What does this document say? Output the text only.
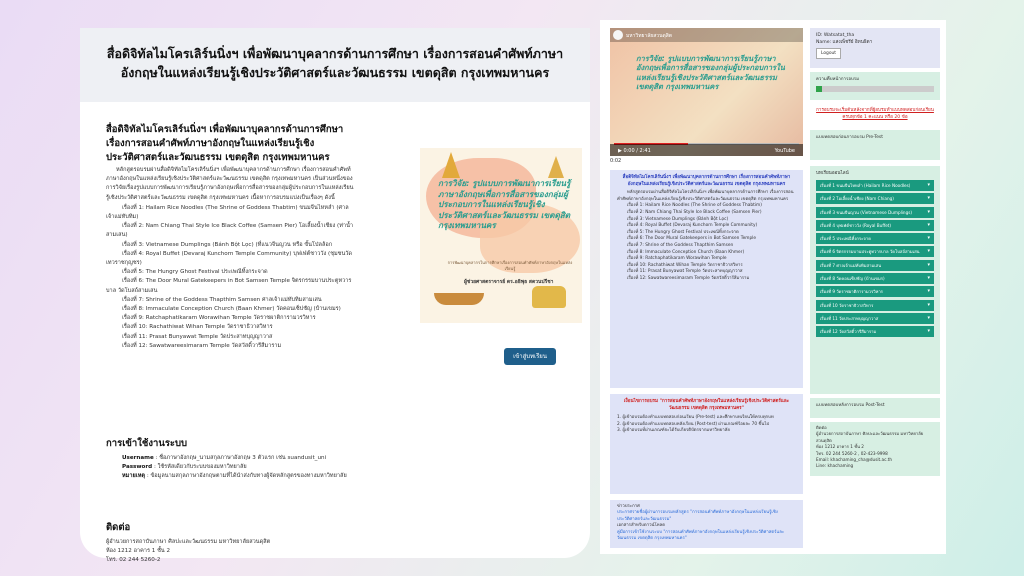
สื่อดิจิทัลไมโครเลิร์นนิ่งฯ เพื่อพัฒนาบุคลากรด้านการศึกษา เรื่องการสอนคำศัพท์ภาษาอังกฤษในแหล่งเรียนรู้เชิงประวัติศาสตร์และวัฒนธรรม เขตดุสิต กรุงเทพมหานคร
สื่อดิจิทัลไมโครเลิร์นนิ่งฯ เพื่อพัฒนาบุคลากรด้านการศึกษา เรื่องการสอนคำศัพท์ภาษาอังกฤษในแหล่งเรียนรู้เชิงประวัติศาสตร์และวัฒนธรรม เขตดุสิต กรุงเทพมหานคร

หลักสูตรอบรมผ่านสื่อดิจิทัลไมโครเลิร์นนิ่งฯ เพื่อพัฒนาบุคลากรด้านการศึกษา เรื่องการสอนคำศัพท์ภาษาอังกฤษในแหล่งเรียนรู้เชิงประวัติศาสตร์และวัฒนธรรม เขตดุสิต กรุงเทพมหานคร เป็นส่วนหนึ่งของการวิจัยเรื่องรูปแบบการพัฒนาการเรียนรู้ภาษาอังกฤษเพื่อการสื่อสารของกลุ่มผู้ประกอบการในแหล่งเรียนรู้เชิงประวัติศาสตร์และวัฒนธรรม เขตดุสิต กรุงเทพมหานคร เนื้อหาการอบรมแบ่งเป็นเรื่องๆ ดังนี้

เรื่องที่ 1: Hailam Rice Noodles (The Shrine of Goddess Thabtim) ขนมจีนไหหลำ (ศาลเจ้าแม่ทับทิม)
เรื่องที่ 2: Nam Chiang Thai Style Ice Black Coffee (Samsen Pier) โอเลี้ยงน้ำเชียง (ท่าน้ำสามเสน)
เรื่องที่ 3: Vietnamese Dumplings (Bánh Bột Lọc) (ที่แนวจีนญวน หรือ ขั้นโบ๋ลล้อก
เรื่องที่ 4: Royal Buffet (Devaraj Kunchorn Temple Community) บุฟเฟ่ต์ชาววัง (ชุมชนวัดเทวราชกุญชร)
เรื่องที่ 5: The Hungry Ghost Festival ประเพณีทิ้งกระจาด
เรื่องที่ 6: The Door Mural Gatekeepers in Bot Samsen Temple จิตรกรรมบานประตูทวารบาล วัดโบสถ์สามเสน
เรื่องที่ 7: Shrine of the Goddess Thapthim Samsen ศาลเจ้าแม่ทับทิมสามเสน
เรื่องที่ 8: Immaculate Conception Church (Baan Khmer) วัดคอนเซ็ปชัญ (บ้านเขมร)
เรื่องที่ 9: Ratchaphatikaram Worawihan Temple วัดราชผาติการามวรวิหาร
เรื่องที่ 10: Rachathiwat Wihan Temple วัดราชาธิวาสวิหาร
เรื่องที่ 11: Prasat Bunyawat Temple วัดประสาทบุญญาวาส
เรื่องที่ 12: Sawatwareesimaram Temple วัดสวัสดิ์วารีสีมาราม
การเข้าใช้งานระบบ
Username : ชื่อภาษาอังกฤษ_นามสกุลภาษาอังกฤษ 3 ตัวแรก เช่น suandusit_uni
Password : ใช้รหัสเดียวกับระบบของมหาวิทยาลัย
หมายเหตุ : ข้อมูลนามสกุลภาษาอังกฤษตามที่ได้นำส่งกับทางผู้จัดหลักสูตรของทางมหาวิทยาลัย
ติดต่อ
ผู้อำนวยการสถาบันภาษา ศิลปะและวัฒนธรรม มหาวิทยาลัยสวนดุสิต
ห้อง 1212 อาคาร 1 ชั้น 2
โทร. 02 244 5260-2
การวิจัย: รูปแบบการพัฒนาการเรียนรู้ภาษาอังกฤษเพื่อการสื่อสารของกลุ่มผู้ประกอบการในแหล่งเรียนรู้เชิงประวัติศาสตร์และวัฒนธรรม เขตดุสิต กรุงเทพมหานคร
การพัฒนาบุคลากรในการศึกษาเรื่องการสอนคำศัพท์ภาษาอังกฤษในแหล่งเรียนรู้
ผู้ช่วยศาสตราจารย์ ดร.อธิพุธ สดวนปรีชา
เข้าสู่บทเรียน
มหาวิทยาลัยสวนดุสิต
การวิจัย: รูปแบบการพัฒนาการเรียนรู้ภาษาอังกฤษเพื่อการสื่อสารของกลุ่มผู้ประกอบการในแหล่งเรียนรู้เชิงประวัติศาสตร์และวัฒนธรรม เขตดุสิต กรุงเทพมหานคร
▶ 0:00 / 2:41	YouTube
0:02
สื่อดิจิทัลไมโครเลิร์นนิ่งฯ เพื่อพัฒนาบุคลากรด้านการศึกษา เรื่องการสอนคำศัพท์ภาษาอังกฤษในแหล่งเรียนรู้เชิงประวัติศาสตร์และวัฒนธรรม เขตดุสิต กรุงเทพมหานคร
หลักสูตรอบรมผ่านสื่อดิจิทัลไมโครเลิร์นนิ่งฯ เพื่อพัฒนาบุคลากรด้านการศึกษา เรื่องการสอนคำศัพท์ภาษาอังกฤษในแหล่งเรียนรู้เชิงประวัติศาสตร์และวัฒนธรรม เขตดุสิต กรุงเทพมหานคร
เรื่องที่ 1: Hailam Rice Noodles (The Shrine of Goddess Thabtim)
เรื่องที่ 2: Nam Chiang Thai Style Ice Black Coffee (Samsen Pier)
เรื่องที่ 3: Vietnamese Dumplings (Bánh Bột Lọc)
เรื่องที่ 4: Royal Buffet (Devaraj Kunchorn Temple Community)
เรื่องที่ 5: The Hungry Ghost Festival ประเพณีทิ้งกระจาด
เรื่องที่ 6: The Door Mural Gatekeepers in Bot Samsen Temple
เรื่องที่ 7: Shrine of the Goddess Thapthim Samsen
เรื่องที่ 8: Immaculate Conception Church (Baan Khmer)
เรื่องที่ 9: Ratchaphatikaram Worawihan Temple
เรื่องที่ 10: Rachathiwat Wihan Temple วัดราชาธิวาสวิหาร
เรื่องที่ 11: Prasat Bunyawat Temple วัดประสาทบุญญาวาส
เรื่องที่ 12: Sawatwareesimaram Temple วัดสวัสดิ์วารีสีมาราม
เงื่อนไขการอบรม "การสอนคำศัพท์ภาษาอังกฤษในแหล่งเรียนรู้เชิงประวัติศาสตร์และวัฒนธรรม เขตดุสิต กรุงเทพมหานคร"
1. ผู้เข้าอบรมต้องทำแบบทดสอบก่อนเรียน (Pre-test) และศึกษาบทเรียนให้ครบทุกบท
2. ผู้เข้าอบรมต้องทำแบบทดสอบหลังเรียน (Post-test) ผ่านเกณฑ์ร้อยละ 70 ขึ้นไป
3. ผู้เข้าอบรมที่ผ่านเกณฑ์จะได้รับเกียรติบัตรจากมหาวิทยาลัย
ข่าวประกาศ
ประกาศรายชื่อผู้ผ่านการอบรมหลักสูตร "การสอนคำศัพท์ภาษาอังกฤษในแหล่งเรียนรู้เชิงประวัติศาสตร์และวัฒนธรรม"
เอกสารสำหรับดาวน์โหลด
คู่มือการเข้าใช้งานระบบ "การสอนคำศัพท์ภาษาอังกฤษในแหล่งเรียนรู้เชิงประวัติศาสตร์และวัฒนธรรม เขตดุสิต กรุงเทพมหานคร"
ID: Watsatat_tha
Name: แสงเพ็ชรีย์ อิทนธิดา
Logout
ความคืบหน้าการอบรม
การอบรมจะเริ่มต้นหลังจากที่ผู้อบรมทำแบบทดสอบก่อนเรียนครบทุกข้อ 1 คะแนน หรือ 20 ข้อ
แบบทดสอบก่อนการอบรม Pre-Test
บทเรียนออนไลน์
เรื่องที่ 1 ขนมจีนไหหลำ (Hailam Rice Noodles)	▾
เรื่องที่ 2 โอเลี้ยงน้ำเชียง (Nam Chiang)	▾
เรื่องที่ 3 ขนมจีนญวน (Vietnamese Dumplings)	▾
เรื่องที่ 4 บุฟเฟ่ต์ชาววัง (Royal Buffet)	▾
เรื่องที่ 5 ประเพณีทิ้งกระจาด	▾
เรื่องที่ 6 จิตรกรรมบานประตูทวารบาล วัดโบสถ์สามเสน ▾
เรื่องที่ 7 ศาลเจ้าแม่ทับทิมสามเสน	▾
เรื่องที่ 8 วัดคอนเซ็ปชัญ (บ้านเขมร)	▾
เรื่องที่ 9 วัดราชผาติการามวรวิหาร	▾
เรื่องที่ 10 วัดราชาธิวาสวิหาร	▾
เรื่องที่ 11 วัดประสาทบุญญาวาส	▾
เรื่องที่ 12 วัดสวัสดิ์วารีสีมาราม	▾
แบบทดสอบหลังการอบรม Post-Test
ติดต่อ
ผู้อำนวยการสถาบันภาษา ศิลปะและวัฒนธรรม มหาวิทยาลัยสวนดุสิต
ห้อง 1212 อาคาร 1 ชั้น 2
โทร. 02 244 5260-2 , 02-423-9998
Email: khachaming_cha@dusit.ac.th
Line: khachaming
